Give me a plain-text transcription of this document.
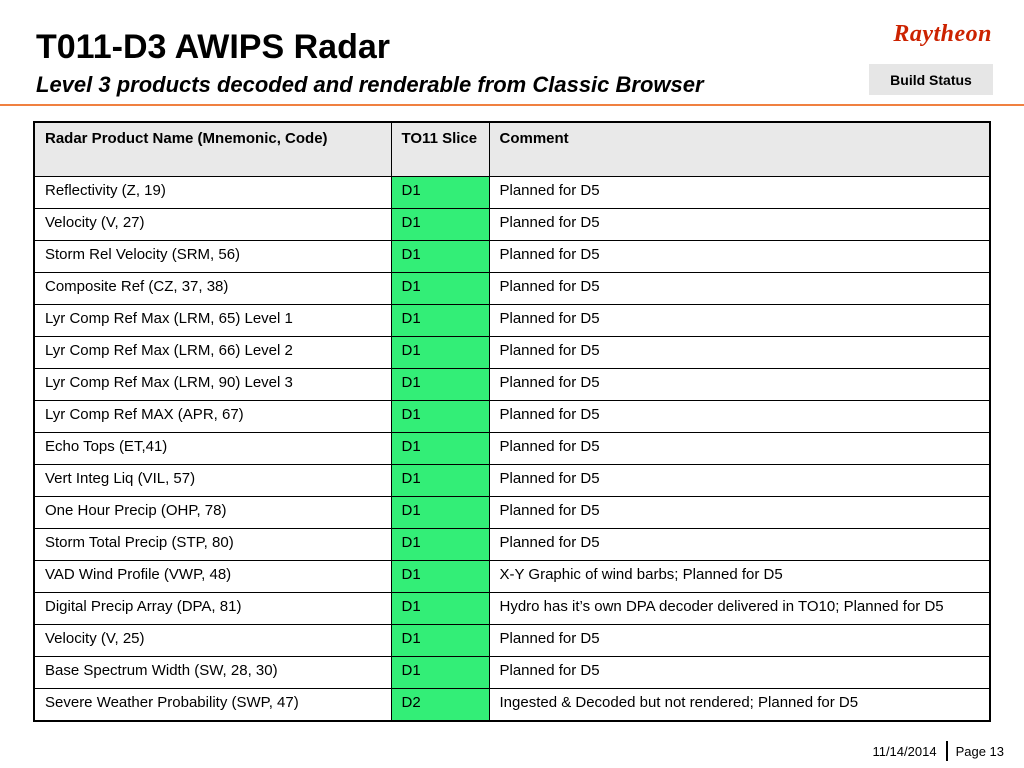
T011-D3 AWIPS Radar
Level 3 products decoded and renderable from Classic Browser
Raytheon
Build Status
Radar Product Name (Mnemonic, Code)	TO11 Slice	Comment
Reflectivity (Z, 19)	D1	Planned for D5
Velocity (V, 27)	D1	Planned for D5
Storm Rel Velocity (SRM, 56)	D1	Planned for D5
Composite Ref (CZ, 37, 38)	D1	Planned for D5
Lyr Comp Ref Max (LRM, 65) Level 1	D1	Planned for D5
Lyr Comp Ref Max (LRM, 66) Level 2	D1	Planned for D5
Lyr Comp Ref Max (LRM, 90) Level 3	D1	Planned for D5
Lyr Comp Ref MAX (APR, 67)	D1	Planned for D5
Echo Tops (ET,41)	D1	Planned for D5
Vert Integ Liq (VIL, 57)	D1	Planned for D5
One Hour Precip (OHP, 78)	D1	Planned for D5
Storm Total Precip (STP, 80)	D1	Planned for D5
VAD Wind Profile (VWP, 48)	D1	X-Y Graphic of wind barbs; Planned for D5
Digital Precip Array (DPA, 81)	D1	Hydro has it’s own DPA decoder delivered in TO10; Planned for D5
Velocity (V, 25)	D1	Planned for D5
Base Spectrum Width (SW, 28, 30)	D1	Planned for D5
Severe Weather Probability (SWP, 47)	D2	Ingested & Decoded but not rendered; Planned for D5
11/14/2014 Page 13
